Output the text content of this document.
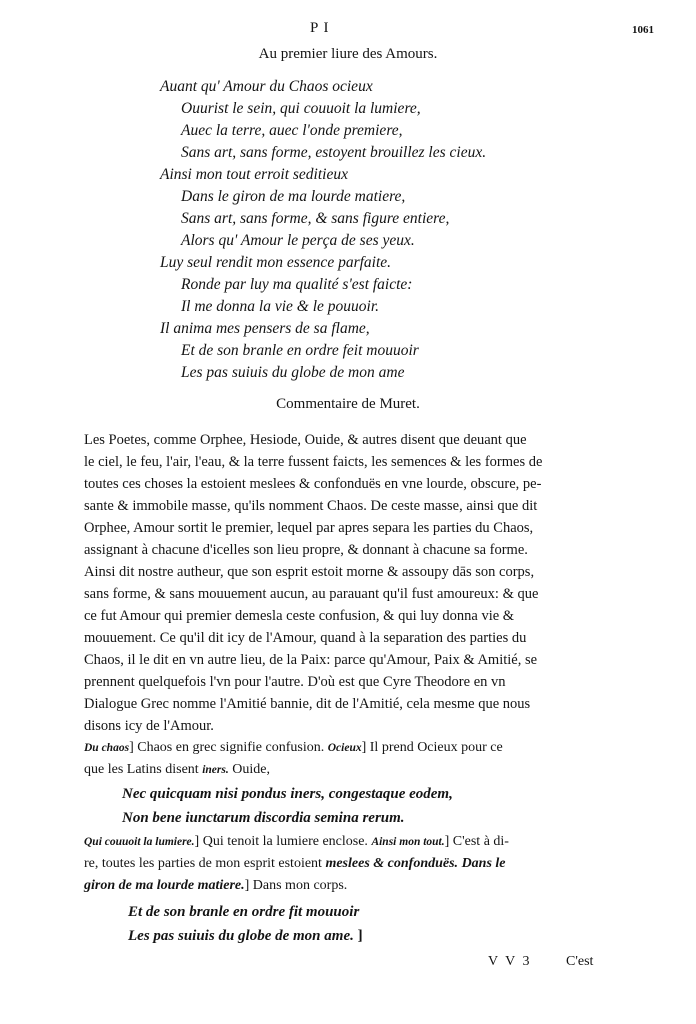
P I	1061
Au premier liure des Amours.
Auant qu' Amour du Chaos ocieux
Ouurist le sein, qui couuoit la lumiere,
Auec la terre, auec l'onde premiere,
Sans art, sans forme, estoyent brouillez les cieux.
Ainsi mon tout erroit seditieux
Dans le giron de ma lourde matiere,
Sans art, sans forme, & sans figure entiere,
Alors qu' Amour le perça de ses yeux.
Luy seul rendit mon essence parfaite.
Ronde par luy ma qualité s'est faicte:
Il me donna la vie & le pouuoir.
Il anima mes pensers de sa flame,
Et de son branle en ordre feit mouuoir
Les pas suiuis du globe de mon ame
Commentaire de Muret.
Les Poetes, comme Orphee, Hesiode, Ouide, & autres disent que deuant que
le ciel, le feu, l'air, l'eau, & la terre fussent faicts, les semences & les formes de
toutes ces choses la estoient meslees & confonduës en vne lourde, obscure, pe-
sante & immobile masse, qu'ils nomment Chaos. De ceste masse, ainsi que dit
Orphee, Amour sortit le premier, lequel par apres separa les parties du Chaos,
assignant à chacune d'icelles son lieu propre, & donnant à chacune sa forme.
Ainsi dit nostre autheur, que son esprit estoit morne & assoupy dās son corps,
sans forme, & sans mouuement aucun, au parauant qu'il fust amoureux: & que
ce fut Amour qui premier demesla ceste confusion, & qui luy donna vie &
mouuement. Ce qu'il dit icy de l'Amour, quand à la separation des parties du
Chaos, il le dit en vn autre lieu, de la Paix: parce qu'Amour, Paix & Amitié, se
prennent quelquefois l'vn pour l'autre. D'où est que Cyre Theodore en vn
Dialogue Grec nomme l'Amitié bannie, dit de l'Amitié, cela mesme que nous
disons icy de l'Amour.
Du chaos] Chaos en grec signifie confusion. Ocieux] Il prend Ocieux pour ce
que les Latins disent iners. Ouide,
Nec quicquam nisi pondus iners, congestaque eodem,
Non bene iunctarum discordia semina rerum.
Qui couuoit la lumiere.] Qui tenoit la lumiere enclose. Ainsi mon tout.] C'est à di-
re, toutes les parties de mon esprit estoient meslees & confonduës. Dans le
giron de ma lourde matiere.] Dans mon corps.
Et de son branle en ordre fit mouuoir
Les pas suiuis du globe de mon ame. ]
V V 3 C'est
